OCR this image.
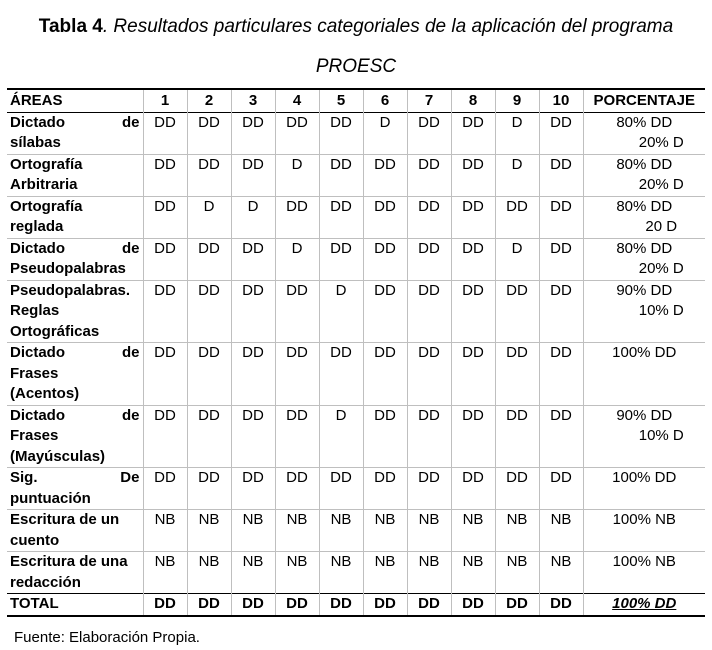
Tabla 4. Resultados particulares categoriales de la aplicación del programa
PROESC
ÁREAS	1	2	3	4	5	6	7	8	9	10	PORCENTAJE

Dictado de
sílabas	DD	DD	DD	DD	DD	D	DD	DD	D	DD	80% DD
20% D

Ortografía
Arbitraria	DD	DD	DD	D	DD	DD	DD	DD	D	DD	80% DD
20% D

Ortografía
reglada	DD	D	D	DD	DD	DD	DD	DD	DD	DD	80% DD
20 D

Dictado de
Pseudopalabras	DD	DD	DD	D	DD	DD	DD	DD	D	DD	80% DD
20% D

Pseudopalabras.
Reglas
Ortográficas	DD	DD	DD	DD	D	DD	DD	DD	DD	DD	90% DD
10% D

Dictado de
Frases
(Acentos)	DD	DD	DD	DD	DD	DD	DD	DD	DD	DD	100% DD

Dictado de
Frases
(Mayúsculas)	DD	DD	DD	DD	D	DD	DD	DD	DD	DD	90% DD
10% D

Sig. De
puntuación	DD	DD	DD	DD	DD	DD	DD	DD	DD	DD	100% DD

Escritura de un
cuento	NB	NB	NB	NB	NB	NB	NB	NB	NB	NB	100% NB

Escritura de una
redacción	NB	NB	NB	NB	NB	NB	NB	NB	NB	NB	100% NB

TOTAL	DD	DD	DD	DD	DD	DD	DD	DD	DD	DD	100% DD
Fuente: Elaboración Propia.
